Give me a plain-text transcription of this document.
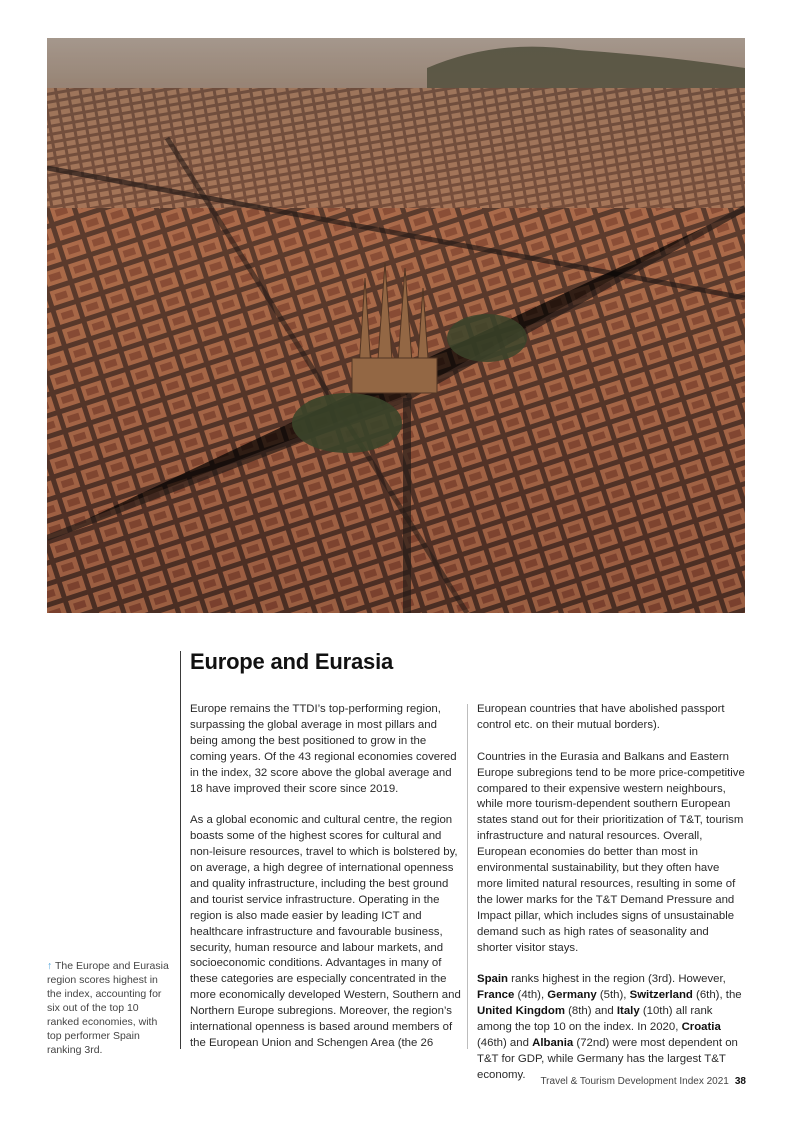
Europe and Eurasia

Europe remains the TTDI’s top-performing region, surpassing the global average in most pillars and being among the best positioned to grow in the coming years. Of the 43 regional economies covered in the index, 32 score above the global average and 18 have improved their score since 2019.

As a global economic and cultural centre, the region boasts some of the highest scores for cultural and non-leisure resources, travel to which is bolstered by, on average, a high degree of international openness and quality infrastructure, including the best ground and tourist service infrastructure. Operating in the region is also made easier by leading ICT and healthcare infrastructure and favourable business, security, human resource and labour markets, and socioeconomic conditions. Advantages in many of these categories are especially concentrated in the more economically developed Western, Southern and Northern Europe subregions. Moreover, the region’s international openness is based around members of the European Union and Schengen Area (the 26

European countries that have abolished passport control etc. on their mutual borders).

Countries in the Eurasia and Balkans and Eastern Europe subregions tend to be more price-competitive compared to their expensive western neighbours, while more tourism-dependent southern European states stand out for their prioritization of T&T, tourism infrastructure and natural resources. Overall, European economies do better than most in environmental sustainability, but they often have more limited natural resources, resulting in some of the lower marks for the T&T Demand Pressure and Impact pillar, which includes signs of unsustainable demand such as high rates of seasonality and shorter visitor stays.

Spain ranks highest in the region (3rd). However, France (4th), Germany (5th), Switzerland (6th), the United Kingdom (8th) and Italy (10th) all rank among the top 10 on the index. In 2020, Croatia (46th) and Albania (72nd) were most dependent on T&T for GDP, while Germany has the largest T&T economy.

↑ The Europe and Eurasia region scores highest in the index, accounting for six out of the top 10 ranked economies, with top performer Spain ranking 3rd.
Travel & Tourism Development Index 2021 38
